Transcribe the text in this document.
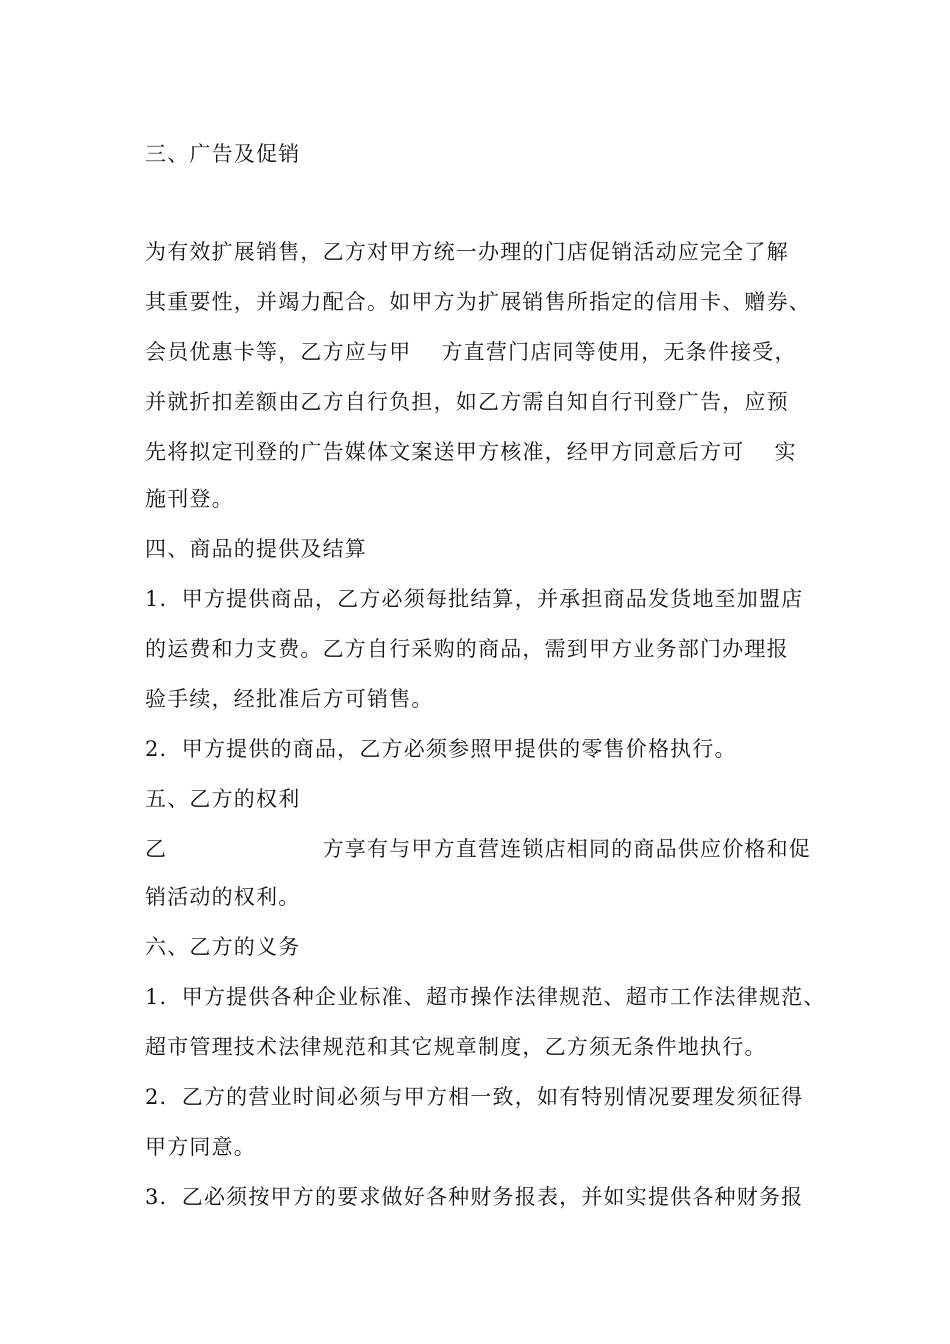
三、广告及促销
为有效扩展销售，乙方对甲方统一办理的门店促销活动应完全了解
其重要性，并竭力配合。如甲方为扩展销售所指定的信用卡、赠券、
会员优惠卡等，乙方应与甲　 方直营门店同等使用，无条件接受，
并就折扣差额由乙方自行负担，如乙方需自知自行刊登广告，应预
先将拟定刊登的广告媒体文案送甲方核准，经甲方同意后方可　 实
施刊登。
四、商品的提供及结算
1．甲方提供商品，乙方必须每批结算，并承担商品发货地至加盟店
的运费和力支费。乙方自行采购的商品，需到甲方业务部门办理报
验手续，经批准后方可销售。
2．甲方提供的商品，乙方必须参照甲提供的零售价格执行。
五、乙方的权利
乙　　　　　　　方享有与甲方直营连锁店相同的商品供应价格和促
销活动的权利。
六、乙方的义务
1．甲方提供各种企业标准、超市操作法律规范、超市工作法律规范、
超市管理技术法律规范和其它规章制度，乙方须无条件地执行。
2．乙方的营业时间必须与甲方相一致，如有特别情况要理发须征得
甲方同意。
3．乙必须按甲方的要求做好各种财务报表，并如实提供各种财务报
